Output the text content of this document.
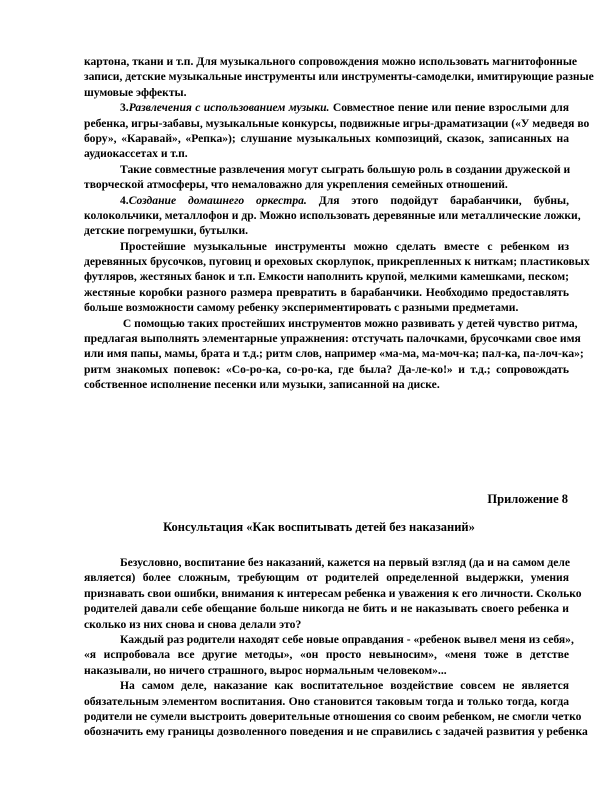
картона, ткани и т.п. Для музыкального сопровождения можно использовать магнитофонные
записи, детские музыкальные инструменты или инструменты-самоделки, имитирующие разные
шумовые эффекты.
3.Развлечения с использованием музыки. Совместное пение или пение взрослыми для
ребенка, игры-забавы, музыкальные конкурсы, подвижные игры-драматизации («У медведя во
бору», «Каравай», «Репка»); слушание музыкальных композиций, сказок, записанных на
аудиокассетах и т.п.
Такие совместные развлечения могут сыграть большую роль в создании дружеской и
творческой атмосферы, что немаловажно для укрепления семейных отношений.
4.Создание домашнего оркестра. Для этого подойдут барабанчики, бубны,
колокольчики, металлофон и др. Можно использовать деревянные или металлические ложки,
детские погремушки, бутылки.
Простейшие музыкальные инструменты можно сделать вместе с ребенком из
деревянных брусочков, пуговиц и ореховых скорлупок, прикрепленных к ниткам; пластиковых
футляров, жестяных банок и т.п. Емкости наполнить крупой, мелкими камешками, песком;
жестяные коробки разного размера превратить в барабанчики. Необходимо предоставлять
больше возможности самому ребенку экспериментировать с разными предметами.
С помощью таких простейших инструментов можно развивать у детей чувство ритма,
предлагая выполнять элементарные упражнения: отстучать палочками, брусочками свое имя
или имя папы, мамы, брата и т.д.; ритм слов, например «ма-ма, ма-моч-ка; пал-ка, па-лоч-ка»;
ритм знакомых попевок: «Со-ро-ка, со-ро-ка, где была? Да-ле-ко!» и т.д.; сопровождать
собственное исполнение песенки или музыки, записанной на диске.
Приложение 8
Консультация «Как воспитывать детей без наказаний»
Безусловно, воспитание без наказаний, кажется на первый взгляд (да и на самом деле
является) более сложным, требующим от родителей определенной выдержки, умения
признавать свои ошибки, внимания к интересам ребенка и уважения к его личности. Сколько
родителей давали себе обещание больше никогда не бить и не наказывать своего ребенка и
сколько из них снова и снова делали это?
Каждый раз родители находят себе новые оправдания - «ребенок вывел меня из себя»,
«я испробовала все другие методы», «он просто невыносим», «меня тоже в детстве
наказывали, но ничего страшного, вырос нормальным человеком»...
На самом деле, наказание как воспитательное воздействие совсем не является
обязательным элементом воспитания. Оно становится таковым тогда и только тогда, когда
родители не сумели выстроить доверительные отношения со своим ребенком, не смогли четко
обозначить ему границы дозволенного поведения и не справились с задачей развития у ребенка
